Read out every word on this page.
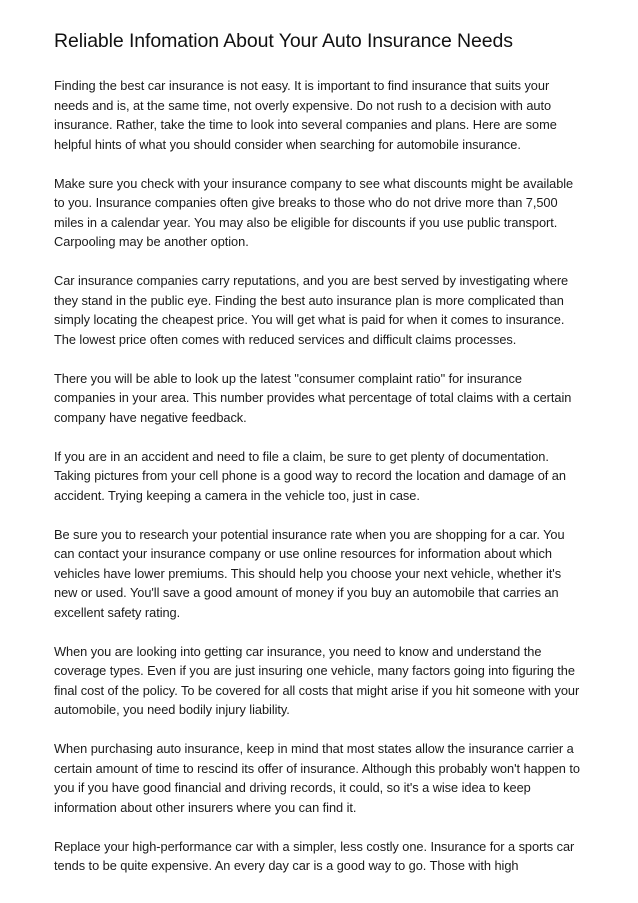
Reliable Infomation About Your Auto Insurance Needs

Finding the best car insurance is not easy. It is important to find insurance that suits your needs and is, at the same time, not overly expensive. Do not rush to a decision with auto insurance. Rather, take the time to look into several companies and plans. Here are some helpful hints of what you should consider when searching for automobile insurance.

Make sure you check with your insurance company to see what discounts might be available to you. Insurance companies often give breaks to those who do not drive more than 7,500 miles in a calendar year. You may also be eligible for discounts if you use public transport. Carpooling may be another option.

Car insurance companies carry reputations, and you are best served by investigating where they stand in the public eye. Finding the best auto insurance plan is more complicated than simply locating the cheapest price. You will get what is paid for when it comes to insurance. The lowest price often comes with reduced services and difficult claims processes.

There you will be able to look up the latest "consumer complaint ratio" for insurance companies in your area. This number provides what percentage of total claims with a certain company have negative feedback.

If you are in an accident and need to file a claim, be sure to get plenty of documentation. Taking pictures from your cell phone is a good way to record the location and damage of an accident. Trying keeping a camera in the vehicle too, just in case.

Be sure you to research your potential insurance rate when you are shopping for a car. You can contact your insurance company or use online resources for information about which vehicles have lower premiums. This should help you choose your next vehicle, whether it's new or used. You'll save a good amount of money if you buy an automobile that carries an excellent safety rating.

When you are looking into getting car insurance, you need to know and understand the coverage types. Even if you are just insuring one vehicle, many factors going into figuring the final cost of the policy. To be covered for all costs that might arise if you hit someone with your automobile, you need bodily injury liability.

When purchasing auto insurance, keep in mind that most states allow the insurance carrier a certain amount of time to rescind its offer of insurance. Although this probably won't happen to you if you have good financial and driving records, it could, so it's a wise idea to keep information about other insurers where you can find it.

Replace your high-performance car with a simpler, less costly one. Insurance for a sports car tends to be quite expensive. An every day car is a good way to go. Those with high
